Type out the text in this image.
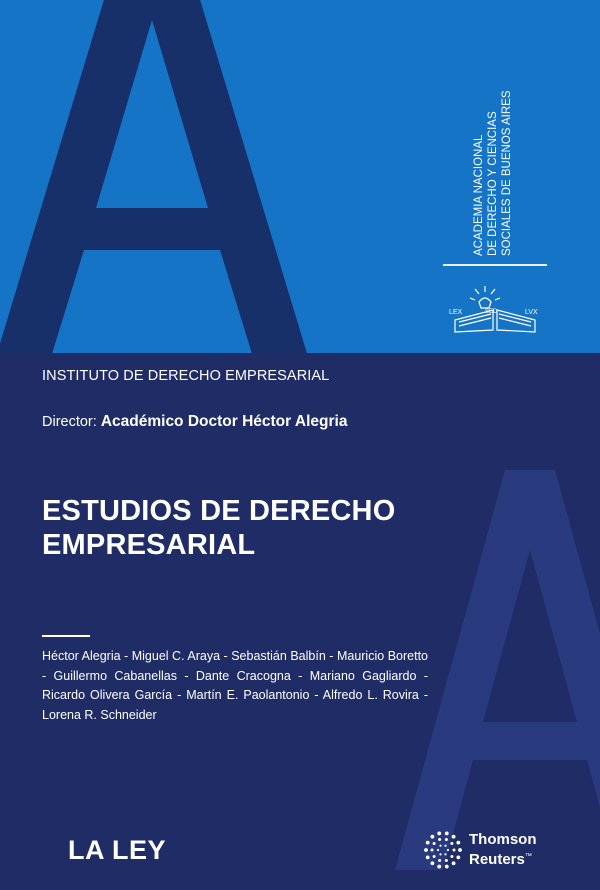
ACADEMIA NACIONAL DE DERECHO Y CIENCIAS SOCIALES DE BUENOS AIRES
LEX	SED	LVX
INSTITUTO DE DERECHO EMPRESARIAL
Director: Académico Doctor Héctor Alegria
ESTUDIOS DE DERECHO
EMPRESARIAL
Héctor Alegria - Miguel C. Araya - Sebastián Balbín - Mauricio Boretto - Guillermo Cabanellas - Dante Cracogna - Mariano Gagliardo - Ricardo Olivera García - Martín E. Paolantonio - Alfredo L. Rovira - Lorena R. Schneider
LA LEY	Thomson
Reuters™
